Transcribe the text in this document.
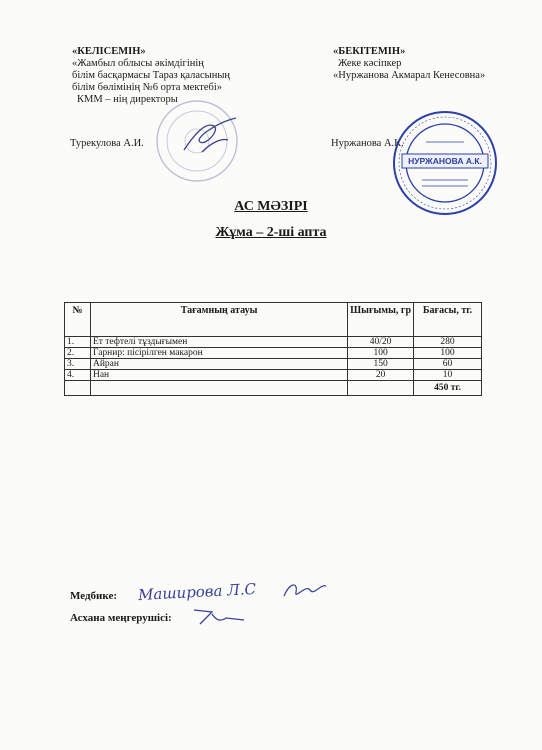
«КЕЛІСЕМІН»
«Жамбыл облысы әкімдігінің
білім басқармасы Тараз қаласының
білім бөлімінің №6 орта мектебі»
КММ – нің директоры
Турекулова А.И.
«БЕКІТЕМІН»
Жеке кәсіпкер
«Нуржанова Акмарал Кенесовна»
Нуржанова А.К.
НУРЖАНОВА А.К.
АС МӘЗІРІ
Жұма – 2-ші апта
№	Тағамның атауы	Шығымы, гр	Бағасы, тг.
1.	Ет тефтелі тұздығымен	40/20	280
2.	Гарнир: пісірілген макарон	100	100
3.	Айран	150	60
4.	Нан	20	10
			450 тг.
Медбике: Маширова Л.С
Асхана меңгерушісі:
